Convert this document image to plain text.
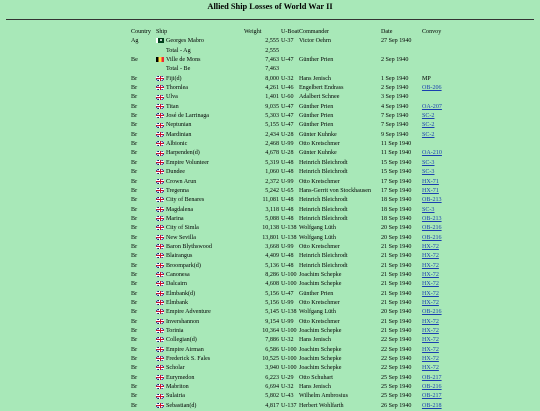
Allied Ship Losses of World War II
Country	Ship	Weight	U-Boat	Commander	Date	Convoy
Ag	Georges Mabro	2,555	U-37	Victor Oehrn	27 Sep 1940	
	Total - Ag	2,555				
Be	Ville de Mons	7,463	U-47	Günther Prien	2 Sep 1940	
	Total - Be	7,463				
Br	Fiji(d)	8,000	U-32	Hans Jenisch	1 Sep 1940	MP
Br	Thornlea	4,261	U-46	Engelbert Endrass	2 Sep 1940	OB-206
Br	Ulva	1,401	U-60	Adalbert Schnee	3 Sep 1940	
Br	Titan	9,035	U-47	Günther Prien	4 Sep 1940	OA-207
Br	José de Larrinaga	5,303	U-47	Günther Prien	7 Sep 1940	SC-2
Br	Neptunian	5,155	U-47	Günther Prien	7 Sep 1940	SC-2
Br	Mardinian	2,434	U-28	Günter Kuhnke	9 Sep 1940	SC-2
Br	Albionic	2,468	U-99	Otto Kretschmer	11 Sep 1940	
Br	Harpenden(d)	4,678	U-28	Günter Kuhnke	11 Sep 1940	OA-210
Br	Empire Volunteer	5,319	U-48	Heinrich Bleichrodt	15 Sep 1940	SC-3
Br	Dundee	1,060	U-48	Heinrich Bleichrodt	15 Sep 1940	SC-3
Br	Crown Arun	2,372	U-99	Otto Kretschmer	17 Sep 1940	HX-71
Br	Tregenna	5,242	U-65	Hans-Gerrit von Stockhausen	17 Sep 1940	HX-71
Br	City of Benares	11,081	U-48	Heinrich Bleichrodt	18 Sep 1940	OB-213
Br	Magdalena	3,118	U-48	Heinrich Bleichrodt	18 Sep 1940	SC-3
Br	Marina	5,088	U-48	Heinrich Bleichrodt	18 Sep 1940	OB-213
Br	City of Simla	10,138	U-138	Wolfgang Lüth	20 Sep 1940	OB-216
Br	New Sevilla	13,801	U-138	Wolfgang Lüth	20 Sep 1940	OB-216
Br	Baron Blythswood	3,668	U-99	Otto Kretschmer	21 Sep 1940	HX-72
Br	Blairangus	4,409	U-48	Heinrich Bleichrodt	21 Sep 1940	HX-72
Br	Broompark(d)	5,136	U-48	Heinrich Bleichrodt	21 Sep 1940	HX-72
Br	Canonesa	8,286	U-100	Joachim Schepke	21 Sep 1940	HX-72
Br	Dalcairn	4,608	U-100	Joachim Schepke	21 Sep 1940	HX-72
Br	Elmbank(d)	5,156	U-47	Günther Prien	21 Sep 1940	HX-72
Br	Elmbank	5,156	U-99	Otto Kretschmer	21 Sep 1940	HX-72
Br	Empire Adventure	5,145	U-138	Wolfgang Lüth	20 Sep 1940	OB-216
Br	Invershannon	9,154	U-99	Otto Kretschmer	21 Sep 1940	HX-72
Br	Torinia	10,364	U-100	Joachim Schepke	21 Sep 1940	HX-72
Br	Collegian(d)	7,886	U-32	Hans Jenisch	22 Sep 1940	HX-72
Br	Empire Airman	6,586	U-100	Joachim Schepke	22 Sep 1940	HX-72
Br	Frederick S. Fales	10,525	U-100	Joachim Schepke	22 Sep 1940	HX-72
Br	Scholar	3,940	U-100	Joachim Schepke	22 Sep 1940	HX-72
Br	Eurymedon	6,223	U-29	Otto Schuhart	25 Sep 1940	OB-217
Br	Mabriton	6,694	U-32	Hans Jenisch	25 Sep 1940	OB-216
Br	Sulairia	5,802	U-43	Wilhelm Ambrosius	25 Sep 1940	OB-217
Br	Sebastian(d)	4,817	U-137	Herbert Wohlfarth	26 Sep 1940	OB-218
